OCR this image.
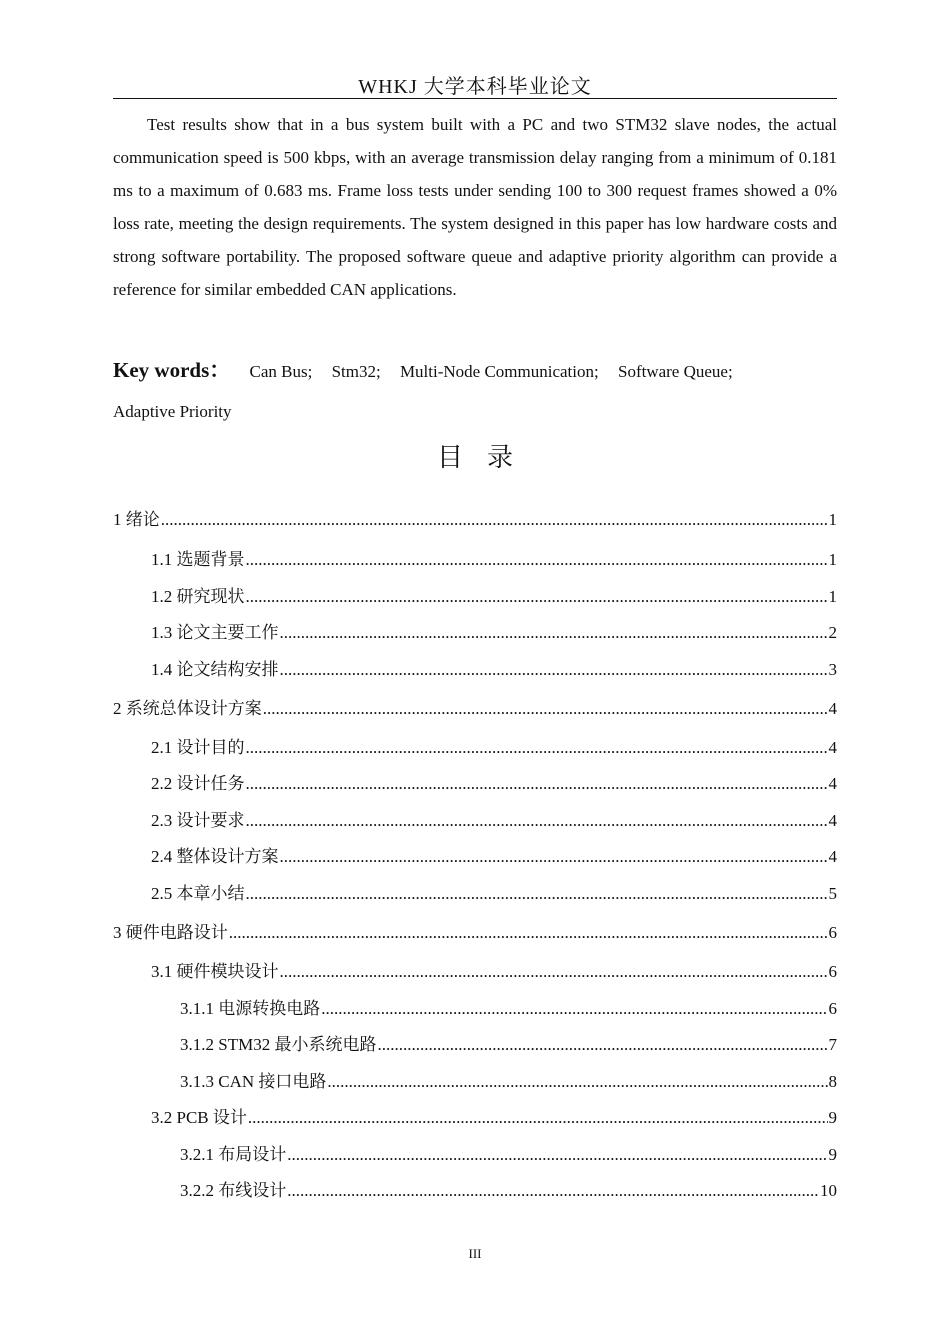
WHKJ 大学本科毕业论文

Test results show that in a bus system built with a PC and two STM32 slave nodes, the actual communication speed is 500 kbps, with an average transmission delay ranging from a minimum of 0.181 ms to a maximum of 0.683 ms. Frame loss tests under sending 100 to 300 request frames showed a 0% loss rate, meeting the design requirements. The system designed in this paper has low hardware costs and strong software portability. The proposed software queue and adaptive priority algorithm can provide a reference for similar embedded CAN applications.

Key words： Can Bus; Stm32; Multi-Node Communication; Software Queue;
Adaptive Priority
目录
1 绪论 .....	1
1.1 选题背景 .....	1
1.2 研究现状 .....	1
1.3 论文主要工作 .....	2
1.4 论文结构安排 .....	3
2 系统总体设计方案 .....	4
2.1 设计目的 .....	4
2.2 设计任务 .....	4
2.3 设计要求 .....	4
2.4 整体设计方案 .....	4
2.5 本章小结 .....	5
3 硬件电路设计 .....	6
3.1 硬件模块设计 .....	6
3.1.1 电源转换电路 .....	6
3.1.2 STM32 最小系统电路 .....	7
3.1.3 CAN 接口电路 .....	8
3.2 PCB 设计 .....	9
3.2.1 布局设计 .....	9
3.2.2 布线设计 .....	10
III
